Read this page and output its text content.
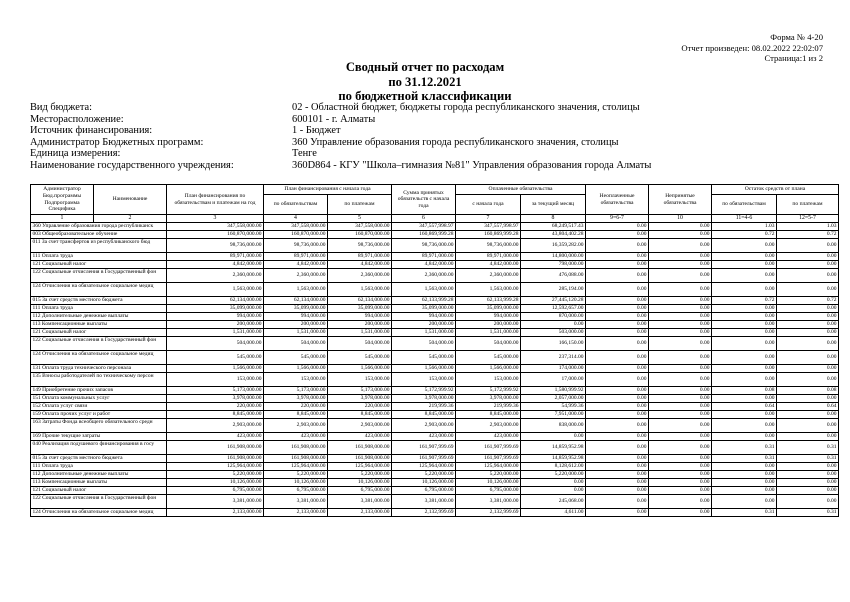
Форма № 4-20
Отчет произведен: 08.02.2022 22:02:07
Страница:1 из 2
Сводный отчет по расходам
по 31.12.2021
по бюджетной классификации
Вид бюджета:	02 - Областной бюджет, бюджеты города республиканского значения, столицы
Месторасположение:	600101 - г. Алматы
Источник финансирования:	1 - Бюджет
Администратор Бюджетных программ:	360 Управление образования города республиканского значения, столицы
Единица измерения:	Тенге
Наименование государственного учреждения:	360D864 - КГУ "Школа–гимназия №81" Управления образования города Алматы
Администратор Бюд.программы Подпрограмма Специфика	Наименование	План финансирования по обязательствам и платежам на год	План финансирования с начала года		Сумма принятых обязательств с начала года	Оплаченные обязательства		Неоплаченные обязательства	Непринятые обязательства	Остаток средств от плана	
			по обязательствам	по платежам		с начала года	за текущий месяц			по обязательствам	по платежам
1	2	3	4	5	6	7	8	9=6-7	10	11=4-6	12=5-7
360 Управление образования города республиканск		347,558,000.00	347,558,000.00	347,558,000.00	347,557,998.97	347,557,998.97	68,249,517.43	0.00	0.00	1.03	1.03
003 Общеобразовательное обучение		160,870,000.00	160,870,000.00	160,870,000.00	160,869,999.28	160,869,999.28	43,804,402.28	0.00	0.00	0.72	0.72
011 За счет трансфертов из республиканского бюд		98,736,000.00	98,736,000.00	98,736,000.00	98,736,000.00	98,736,000.00	16,359,282.00	0.00	0.00	0.00	0.00
111 Оплата труда		89,971,000.00	89,971,000.00	89,971,000.00	89,971,000.00	89,971,000.00	14,800,000.00	0.00	0.00	0.00	0.00
121 Социальный налог		4,842,000.00	4,842,000.00	4,842,000.00	4,842,000.00	4,842,000.00	798,000.00	0.00	0.00	0.00	0.00
122 Социальные отчисления в Государственный фон		2,360,000.00	2,360,000.00	2,360,000.00	2,360,000.00	2,360,000.00	476,088.00	0.00	0.00	0.00	0.00
124 Отчисления на обязательное социальное медиц		1,563,000.00	1,563,000.00	1,563,000.00	1,563,000.00	1,563,000.00	285,194.00	0.00	0.00	0.00	0.00
015 За счет средств местного бюджета		62,134,000.00	62,134,000.00	62,134,000.00	62,133,999.28	62,133,999.28	27,445,120.28	0.00	0.00	0.72	0.72
111 Оплата труда		35,099,000.00	35,099,000.00	35,099,000.00	35,099,000.00	35,099,000.00	12,592,657.00	0.00	0.00	0.00	0.00
112 Дополнительные денежные выплаты		994,000.00	994,000.00	994,000.00	994,000.00	994,000.00	870,000.00	0.00	0.00	0.00	0.00
113 Компенсационные выплаты		200,000.00	200,000.00	200,000.00	200,000.00	200,000.00	0.00	0.00	0.00	0.00	0.00
121 Социальный налог		1,531,000.00	1,531,000.00	1,531,000.00	1,531,000.00	1,531,000.00	503,000.00	0.00	0.00	0.00	0.00
122 Социальные отчисления в Государственный фон		504,000.00	504,000.00	504,000.00	504,000.00	504,000.00	166,150.00	0.00	0.00	0.00	0.00
124 Отчисления на обязательное социальное медиц		545,000.00	545,000.00	545,000.00	545,000.00	545,000.00	237,314.00	0.00	0.00	0.00	0.00
131 Оплата труда технического персонала		1,566,000.00	1,566,000.00	1,566,000.00	1,566,000.00	1,566,000.00	174,000.00	0.00	0.00	0.00	0.00
135 Взносы работодателей по техническому персон		153,000.00	153,000.00	153,000.00	153,000.00	153,000.00	17,000.00	0.00	0.00	0.00	0.00
149 Приобретение прочих запасов		5,173,000.00	5,173,000.00	5,173,000.00	5,172,999.92	5,172,999.92	1,580,999.92	0.00	0.00	0.08	0.08
151 Оплата коммунальных услуг		3,978,000.00	3,978,000.00	3,978,000.00	3,978,000.00	3,978,000.00	2,057,000.00	0.00	0.00	0.00	0.00
152 Оплата услуг связи		220,000.00	220,000.00	220,000.00	219,999.36	219,999.36	54,999.36	0.00	0.00	0.64	0.64
159 Оплата прочих услуг и работ		8,845,000.00	8,845,000.00	8,845,000.00	8,845,000.00	8,845,000.00	7,951,000.00	0.00	0.00	0.00	0.00
163 Затраты Фонда всеобщего обязательного средн		2,903,000.00	2,903,000.00	2,903,000.00	2,903,000.00	2,903,000.00	838,000.00	0.00	0.00	0.00	0.00
169 Прочие текущие затраты		423,000.00	423,000.00	423,000.00	423,000.00	423,000.00	0.00	0.00	0.00	0.00	0.00
040 Реализация подушевого финансирования в госу		161,908,000.00	161,908,000.00	161,908,000.00	161,907,999.69	161,907,999.69	14,859,952.98	0.00	0.00	0.31	0.31
015 За счет средств местного бюджета		161,908,000.00	161,908,000.00	161,908,000.00	161,907,999.69	161,907,999.69	14,859,952.98	0.00	0.00	0.31	0.31
111 Оплата труда		125,964,000.00	125,964,000.00	125,964,000.00	125,964,000.00	125,964,000.00	8,128,612.00	0.00	0.00	0.00	0.00
112 Дополнительные денежные выплаты		5,220,000.00	5,220,000.00	5,220,000.00	5,220,000.00	5,220,000.00	5,220,000.00	0.00	0.00	0.00	0.00
113 Компенсационные выплаты		10,126,000.00	10,126,000.00	10,126,000.00	10,126,000.00	10,126,000.00	0.00	0.00	0.00	0.00	0.00
121 Социальный налог		6,795,000.00	6,795,000.00	6,795,000.00	6,795,000.00	6,795,000.00	0.00	0.00	0.00	0.00	0.00
122 Социальные отчисления в Государственный фон		3,381,000.00	3,381,000.00	3,381,000.00	3,381,000.00	3,381,000.00	245,068.00	0.00	0.00	0.00	0.00
124 Отчисления на обязательное социальное медиц		2,133,000.00	2,133,000.00	2,133,000.00	2,132,999.69	2,132,999.69	4,611.00	0.00	0.00	0.31	0.31
